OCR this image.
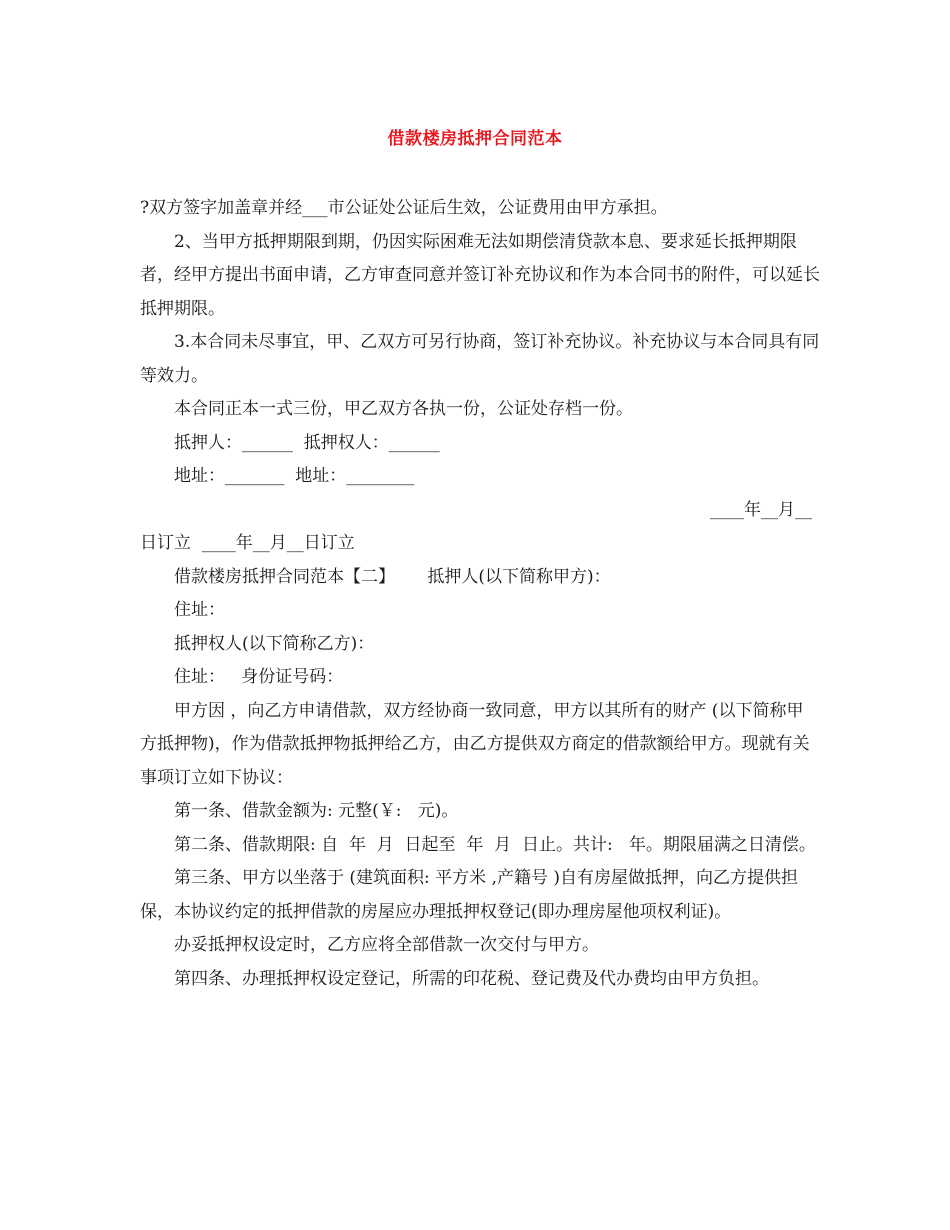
借款楼房抵押合同范本

?双方签字加盖章并经___市公证处公证后生效，公证费用由甲方承担。

2、当甲方抵押期限到期，仍因实际困难无法如期偿清贷款本息、要求延长抵押期限者，经甲方提出书面申请，乙方审查同意并签订补充协议和作为本合同书的附件，可以延长抵押期限。

3.本合同未尽事宜，甲、乙双方可另行协商，签订补充协议。补充协议与本合同具有同等效力。

本合同正本一式三份，甲乙双方各执一份，公证处存档一份。

抵押人：______  抵押权人：______

地址：_______  地址：________

____年__月__

日订立  ____年__月__日订立

借款楼房抵押合同范本【二】      抵押人(以下简称甲方)：

住址：

抵押权人(以下简称乙方)：

住址：   身份证号码：

甲方因 ，向乙方申请借款，双方经协商一致同意，甲方以其所有的财产 (以下简称甲方抵押物)，作为借款抵押物抵押给乙方，由乙方提供双方商定的借款额给甲方。现就有关事项订立如下协议：

第一条、借款金额为: 元整(￥:   元)。

第二条、借款期限: 自  年  月  日起至  年  月  日止。共计:   年。期限届满之日清偿。

第三条、甲方以坐落于 (建筑面积: 平方米 ,产籍号 )自有房屋做抵押，向乙方提供担保，本协议约定的抵押借款的房屋应办理抵押权登记(即办理房屋他项权利证)。

办妥抵押权设定时，乙方应将全部借款一次交付与甲方。

第四条、办理抵押权设定登记，所需的印花税、登记费及代办费均由甲方负担。
